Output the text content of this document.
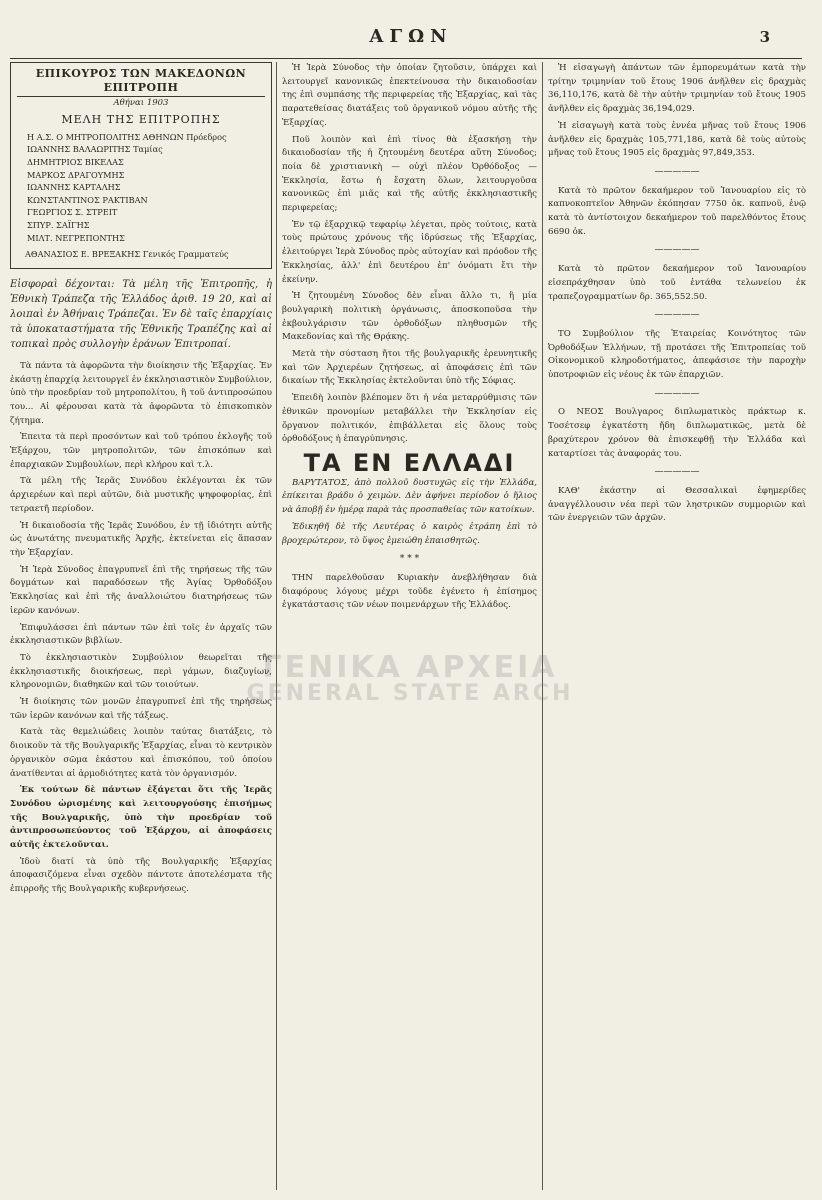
ΑΓΩΝ	3
ΕΠΙΚΟΥΡΟΣ ΤΩΝ ΜΑΚΕΔΟΝΩΝ ΕΠΙΤΡΟΠΗ
Αθήναι 1903
ΜΕΛΗ ΤΗΣ ΕΠΙΤΡΟΠΗΣ
Η Α.Σ. Ο ΜΗΤΡΟΠΟΛΙΤΗΣ ΑΘΗΝΩΝ Πρόεδρος
ΙΩΑΝΝΗΣ ΒΑΛΑΩΡΙΤΗΣ Ταμίας
ΔΗΜΗΤΡΙΟΣ ΒΙΚΕΛΑΣ
ΜΑΡΚΟΣ ΔΡΑΓΟΥΜΗΣ
ΙΩΑΝΝΗΣ ΚΑΡΤΑΛΗΣ
ΚΩΝΣΤΑΝΤΙΝΟΣ ΡΑΚΤΙΒΑΝ
ΓΕΩΡΓΙΟΣ Σ. ΣΤΡΕΙΤ
ΣΠΥΡ. ΣΑΪΓΗΣ
ΜΙΛΤ. ΝΕΓΡΕΠΟΝΤΗΣ
ΑΘΑΝΑΣΙΟΣ Ε. ΒΡΕΞΑΚΗΣ Γενικός Γραμματεύς
Εἰσφοραὶ δέχονται: Τὰ μέλη τῆς Ἐπιτροπῆς, ἡ Ἐθνικὴ Τράπεζα τῆς Ἑλλάδος ἀριθ. 19 20, καὶ αἱ λοιπαὶ ἐν Ἀθήναις Τράπεζαι. Ἐν δὲ ταῖς ἐπαρχίαις τὰ ὑποκαταστήματα τῆς Ἐθνικῆς Τραπέζης καὶ αἱ τοπικαὶ πρὸς συλλογὴν ἐράνων Ἐπιτροπαί.

Τὰ πάντα τὰ ἀφορῶντα τὴν διοίκησιν τῆς Ἐξαρχίας. Ἐν ἐκάστῃ ἐπαρχίᾳ λειτουργεῖ ἐν ἐκκλησιαστικὸν Συμβούλιον, ὑπὸ τὴν προεδρίαν τοῦ μητροπολίτου, ἢ τοῦ ἀντιπροσώπου του... Αἱ φέρουσαι κατὰ τὰ ἀφορῶντα τὸ ἐπισκοπικὸν ζήτημα.

Ἐπειτα τὰ περὶ προσόντων καὶ τοῦ τρόπου ἐκλογῆς τοῦ Ἐξάρχου, τῶν μητροπολιτῶν, τῶν ἐπισκόπων καὶ ἐπαρχιακῶν Συμβουλίων, περὶ κλήρου καὶ τ.λ.

Τὰ μέλη τῆς Ἱερᾶς Συνόδου ἐκλέγονται ἐκ τῶν ἀρχιερέων καὶ περὶ αὐτῶν, διὰ μυστικῆς ψηφοφορίας, ἐπὶ τετραετῆ περίοδον.

Ἡ δικαιοδοσία τῆς Ἱερᾶς Συνόδου, ἐν τῇ ἰδιότητι αὐτῆς ὡς ἀνωτάτης πνευματικῆς Ἀρχῆς, ἐκτείνεται εἰς ἅπασαν τὴν Ἐξαρχίαν.

Ἡ Ἱερὰ Σύνοδος ἐπαγρυπνεῖ ἐπὶ τῆς τηρήσεως τῆς τῶν δογμάτων καὶ παραδόσεων τῆς Ἁγίας Ὀρθοδόξου Ἐκκλησίας καὶ ἐπὶ τῆς ἀναλλοιώτου διατηρήσεως τῶν ἱερῶν κανόνων.

Ἐπιφυλάσσει ἐπὶ πάντων τῶν ἐπὶ τοῖς ἐν ἀρχαῖς τῶν ἐκκλησιαστικῶν βιβλίων.

Τὸ ἐκκλησιαστικὸν Συμβούλιον θεωρεῖται τῆς ἐκκλησιαστικῆς διοικήσεως, περὶ γάμων, διαζυγίων, κληρονομιῶν, διαθηκῶν καὶ τῶν τοιούτων.

Ἡ διοίκησις τῶν μονῶν ἐπαγρυπνεῖ ἐπὶ τῆς τηρήσεως τῶν ἱερῶν κανόνων καὶ τῆς τάξεως.

Κατὰ τὰς θεμελιώδεις λοιπὸν ταύτας διατάξεις, τὸ διοικοῦν τὰ τῆς Βουλγαρικῆς Ἐξαρχίας, εἶναι τὸ κεντρικὸν ὀργανικὸν σῶμα ἑκάστου καὶ ἐπισκόπου, τοῦ ὁποίου ἀνατίθενται αἱ ἁρμοδιότητες κατὰ τὸν ὀργανισμόν.

Ἐκ τούτων δὲ πάντων ἐξάγεται ὅτι τῆς Ἱερᾶς Συνόδου ὡρισμένης καὶ λειτουργούσης ἐπισήμως τῆς Βουλγαρικῆς, ὑπὸ τὴν προεδρίαν τοῦ ἀντιπροσωπεύοντος τοῦ Ἐξάρχου, αἱ ἀποφάσεις αὐτῆς ἐκτελοῦνται.

Ἰδοὺ διατί τὰ ὑπὸ τῆς Βουλγαρικῆς Ἐξαρχίας ἀποφασιζόμενα εἶναι σχεδὸν πάντοτε ἀποτελέσματα τῆς ἐπιρροῆς τῆς Βουλγαρικῆς κυβερνήσεως.

Ἡ Ἱερὰ Σύνοδος τὴν ὁποίαν ζητοῦσιν, ὑπάρχει καὶ λειτουργεῖ κανονικῶς ἐπεκτείνουσα τὴν δικαιοδοσίαν της ἐπὶ συμπάσης τῆς περιφερείας τῆς Ἐξαρχίας, καὶ τὰς παρατεθείσας διατάξεις τοῦ ὀργανικοῦ νόμου αὐτῆς τῆς Ἐξαρχίας.

Ποῦ λοιπὸν καὶ ἐπὶ τίνος θὰ ἐξασκήσῃ τὴν δικαιοδοσίαν τῆς ἡ ζητουμένη δευτέρα αὕτη Σύνοδος; ποία δὲ χριστιανικὴ — οὐχὶ πλέον Ὀρθόδοξος — Ἐκκλησία, ἔστω ἡ ἔσχατη ὅλων, λειτουργοῦσα κανονικῶς ἐπὶ μιᾶς καὶ τῆς αὐτῆς ἐκκλησιαστικῆς περιφερείας;

Ἐν τῷ ἐξαρχικῷ τεφαρίῳ λέγεται, πρὸς τούτοις, κατὰ τοὺς πρώτους χρόνους τῆς ἱδρύσεως τῆς Ἐξαρχίας, ἐλειτούργει Ἱερὰ Σύνοδος πρὸς αὐτοχίαν καὶ πρόοδον τῆς Ἐκκλησίας, ἀλλ' ἐπὶ δευτέρου ἐπ' ὀνόματι ἔτι τὴν ἐκείνην.

Ἡ ζητουμένη Σύνοδος δὲν εἶναι ἄλλο τι, ἢ μία βουλγαρικὴ πολιτικὴ ὀργάνωσις, ἀποσκοποῦσα τὴν ἐκβουλγάρισιν τῶν ὀρθοδόξων πληθυσμῶν τῆς Μακεδονίας καὶ τῆς Θρᾴκης.

Μετὰ τὴν σύσταση ἤτοι τῆς βουλγαρικῆς ἐρευνητικῆς καὶ τῶν Ἀρχιερέων ζητήσεως, αἱ ἀποφάσεις ἐπὶ τῶν δικαίων τῆς Ἐκκλησίας ἐκτελοῦνται ὑπὸ τῆς Σόφιας.

Ἐπειδὴ λοιπὸν βλέπομεν ὅτι ἡ νέα μεταρρύθμισις τῶν ἐθνικῶν προνομίων μεταβάλλει τὴν Ἐκκλησίαν εἰς ὄργανον πολιτικόν, ἐπιβάλλεται εἰς ὅλους τοὺς ὀρθοδόξους ἡ ἐπαγρύπνησις.

ΤΑ ΕΝ ΕΛΛΑΔΙ

ΒΑΡΥΤΑΤΟΣ, ἀπὸ πολλοῦ δυστυχῶς εἰς τὴν Ἑλλάδα, ἐπίκειται βράδυ ὁ χειμὼν. Δὲν ἀφήνει περίοδον ὁ ἥλιος νὰ ἀποβῇ ἐν ἡμέρᾳ παρὰ τὰς προσπαθείας τῶν κατοίκων.

Ἐδικηθῆ δὲ τῆς Λευτέρας ὁ καιρὸς ἐτράπη ἐπὶ τὸ βροχερώτερον, τὸ ὕψος ἐμειώθη ἐπαισθητῶς.

* * *

ΤΗΝ παρελθοῦσαν Κυριακὴν ἀνεβλήθησαν διὰ διαφόρους λόγους μέχρι τοῦδε ἐγένετο ἡ ἐπίσημος ἐγκατάστασις τῶν νέων ποιμενάρχων τῆς Ἑλλάδος.

Ἡ εἰσαγωγὴ ἁπάντων τῶν ἐμπορευμάτων κατὰ τὴν τρίτην τριμηνίαν τοῦ ἔτους 1906 ἀνῆλθεν εἰς δραχμὰς 36,110,176, κατὰ δὲ τὴν αὐτὴν τριμηνίαν τοῦ ἔτους 1905 ἀνῆλθεν εἰς δραχμὰς 36,194,029.

Ἡ εἰσαγωγὴ κατὰ τοὺς ἐννέα μῆνας τοῦ ἔτους 1906 ἀνῆλθεν εἰς δραχμὰς 105,771,186, κατὰ δὲ τοὺς αὐτοὺς μῆνας τοῦ ἔτους 1905 εἰς δραχμὰς 97,849,353.

—————

Κατὰ τὸ πρῶτον δεκαήμερον τοῦ Ἰανουαρίου εἰς τὸ καπνοκοπτεῖον Ἀθηνῶν ἐκόπησαν 7750 ὀκ. καπνοῦ, ἐνῷ κατὰ τὸ ἀντίστοιχον δεκαήμερον τοῦ παρελθόντος ἔτους 6690 ὀκ.

—————

Κατὰ τὸ πρῶτον δεκαήμερον τοῦ Ἰανουαρίου εἰσεπράχθησαν ὑπὸ τοῦ ἐντάθα τελωνείου ἐκ τραπεζογραμματίων δρ. 365,552.50.

—————

ΤΟ Συμβούλιον τῆς Ἑταιρείας Κοινότητος τῶν Ὀρθοδόξων Ἑλλήνων, τῇ προτάσει τῆς Ἐπιτροπείας τοῦ Οἰκονομικοῦ κληροδοτήματος, ἀπεφάσισε τὴν παροχὴν ὑποτροφιῶν εἰς νέους ἐκ τῶν ἐπαρχιῶν.

—————

Ο ΝΕΟΣ Βουλγαρος διπλωματικὸς πράκτωρ κ. Τοσέτσεφ ἐγκατέστη ἤδη διπλωματικῶς, μετὰ δὲ βραχύτερον χρόνον θὰ ἐπισκεφθῇ τὴν Ἑλλάδα καὶ καταρτίσει τὰς ἀναφοράς του.

—————

ΚΑΘ' ἑκάστην αἱ Θεσσαλικαὶ ἐφημερίδες ἀναγγέλλουσιν νέα περὶ τῶν ληστρικῶν συμμοριῶν καὶ τῶν ἐνεργειῶν τῶν ἀρχῶν.

ΓΕΝΙΚΑ ΑΡΧΕΙΑ
GENERAL STATE ARCH
